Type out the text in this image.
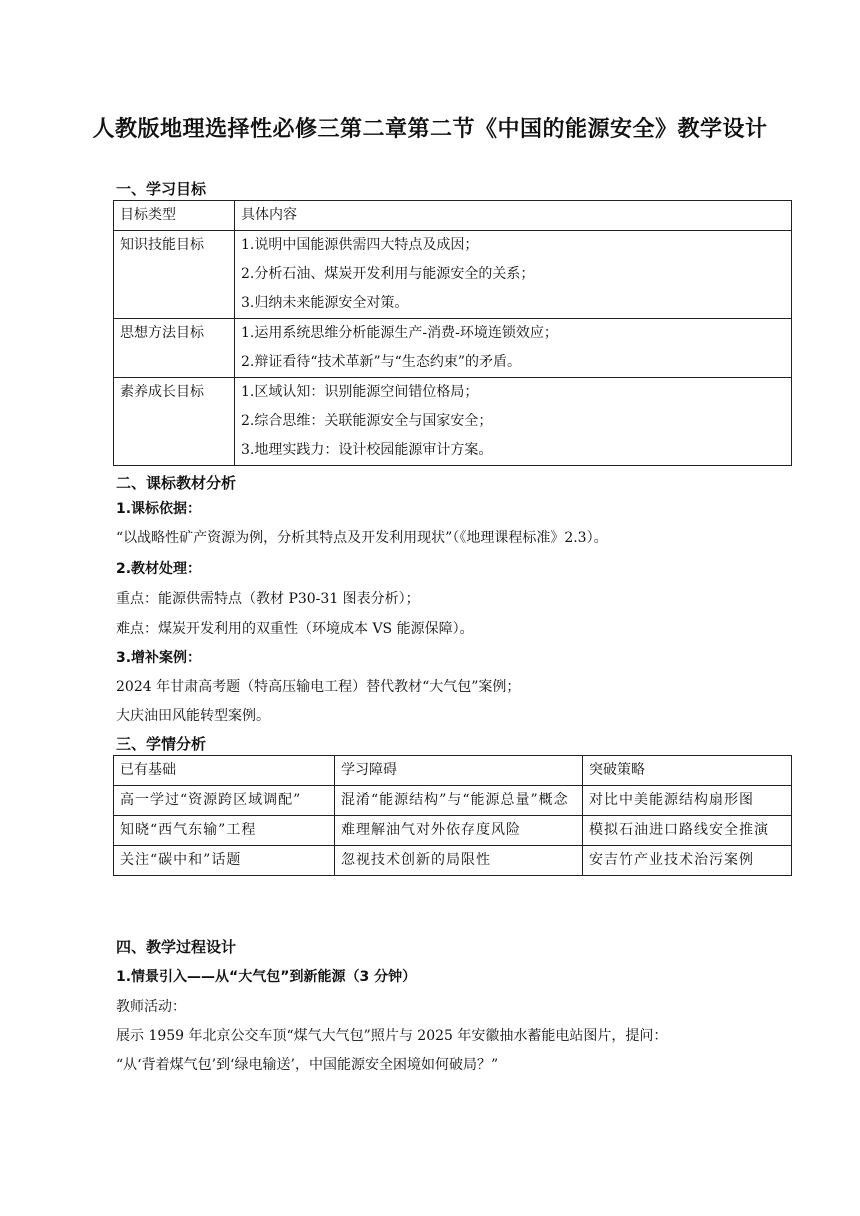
人教版地理选择性必修三第二章第二节《中国的能源安全》教学设计
一、学习目标
目标类型	具体内容
知识技能目标	1.说明中国能源供需四大特点及成因；
2.分析石油、煤炭开发利用与能源安全的关系；
3.归纳未来能源安全对策。

思想方法目标	1.运用系统思维分析能源生产-消费-环境连锁效应；
2.辩证看待“技术革新”与“生态约束”的矛盾。

素养成长目标	1.区域认知：识别能源空间错位格局；
2.综合思维：关联能源安全与国家安全；
3.地理实践力：设计校园能源审计方案。
二、课标教材分析
1.课标依据：
“以战略性矿产资源为例，分析其特点及开发利用现状”（《地理课程标准》2.3）。
2.教材处理：
重点：能源供需特点（教材 P30-31 图表分析）；
难点：煤炭开发利用的双重性（环境成本 VS 能源保障）。
3.增补案例：
2024 年甘肃高考题（特高压输电工程）替代教材“大气包”案例；
大庆油田风能转型案例。
三、学情分析
已有基础	学习障碍	突破策略

高一学过“资源跨区域调配”	混淆“能源结构”与“能源总量”概念	对比中美能源结构扇形图

知晓“西气东输”工程	难理解油气对外依存度风险	模拟石油进口路线安全推演

关注“碳中和”话题	忽视技术创新的局限性	安吉竹产业技术治污案例
四、教学过程设计
1.情景引入——从“大气包”到新能源（3 分钟）
教师活动：
展示 1959 年北京公交车顶“煤气大气包”照片与 2025 年安徽抽水蓄能电站图片，提问：
“从‘背着煤气包’到‘绿电输送’，中国能源安全困境如何破局？”
